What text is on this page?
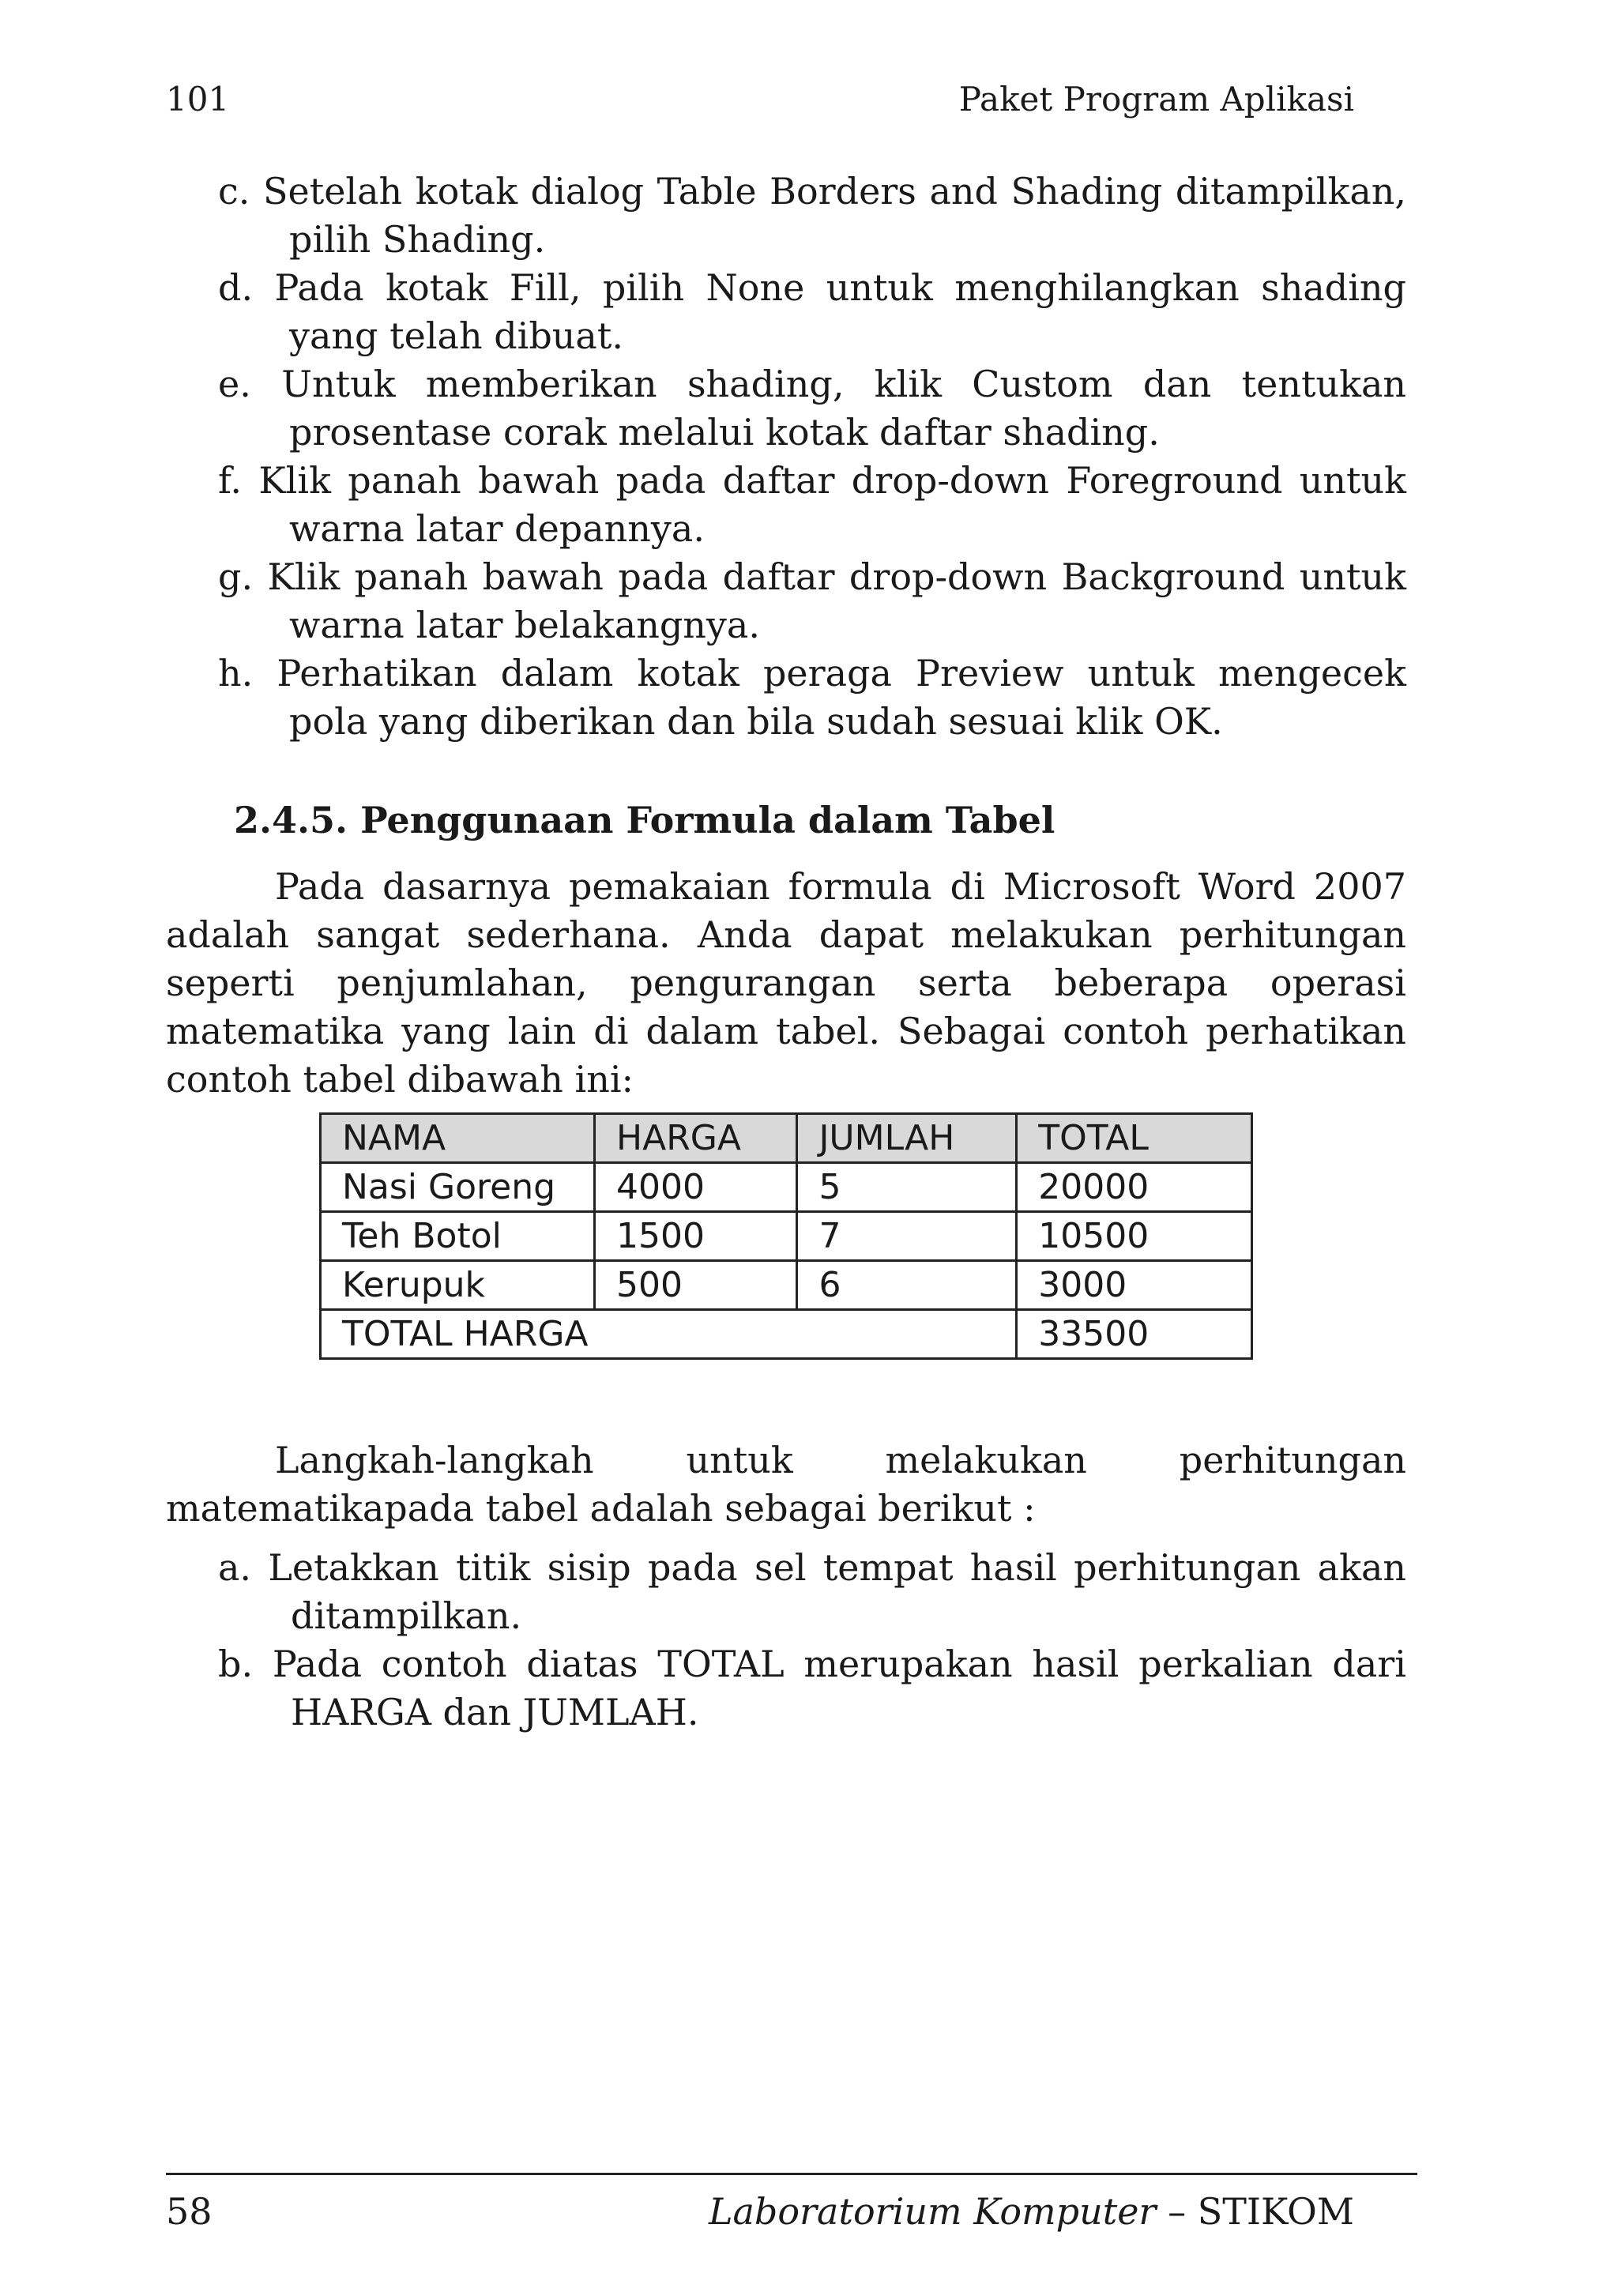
101	Paket Program Aplikasi

c. Setelah kotak dialog Table Borders and Shading ditampilkan, pilih Shading.

d. Pada kotak Fill, pilih None untuk menghilangkan shading yang telah dibuat.

e. Untuk memberikan shading, klik Custom dan tentukan prosentase corak melalui kotak daftar shading.

f. Klik panah bawah pada daftar drop-down Foreground untuk warna latar depannya.

g. Klik panah bawah pada daftar drop-down Background untuk warna latar belakangnya.

h. Perhatikan dalam kotak peraga Preview untuk mengecek pola yang diberikan dan bila sudah sesuai klik OK.

2.4.5. Penggunaan Formula dalam Tabel

Pada dasarnya pemakaian formula di Microsoft Word 2007 adalah sangat sederhana. Anda dapat melakukan perhitungan seperti penjumlahan, pengurangan serta beberapa operasi matematika yang lain di dalam tabel. Sebagai contoh perhatikan contoh tabel dibawah ini:

NAMA	HARGA	JUMLAH	TOTAL
Nasi Goreng	4000	5	20000
Teh Botol	1500	7	10500
Kerupuk	500	6	3000
TOTAL HARGA			33500

Langkah-langkah untuk melakukan perhitungan

matematikapada tabel adalah sebagai berikut :

a. Letakkan titik sisip pada sel tempat hasil perhitungan akan ditampilkan.

b. Pada contoh diatas TOTAL merupakan hasil perkalian dari HARGA dan JUMLAH.

58	Laboratorium Komputer – STIKOM
